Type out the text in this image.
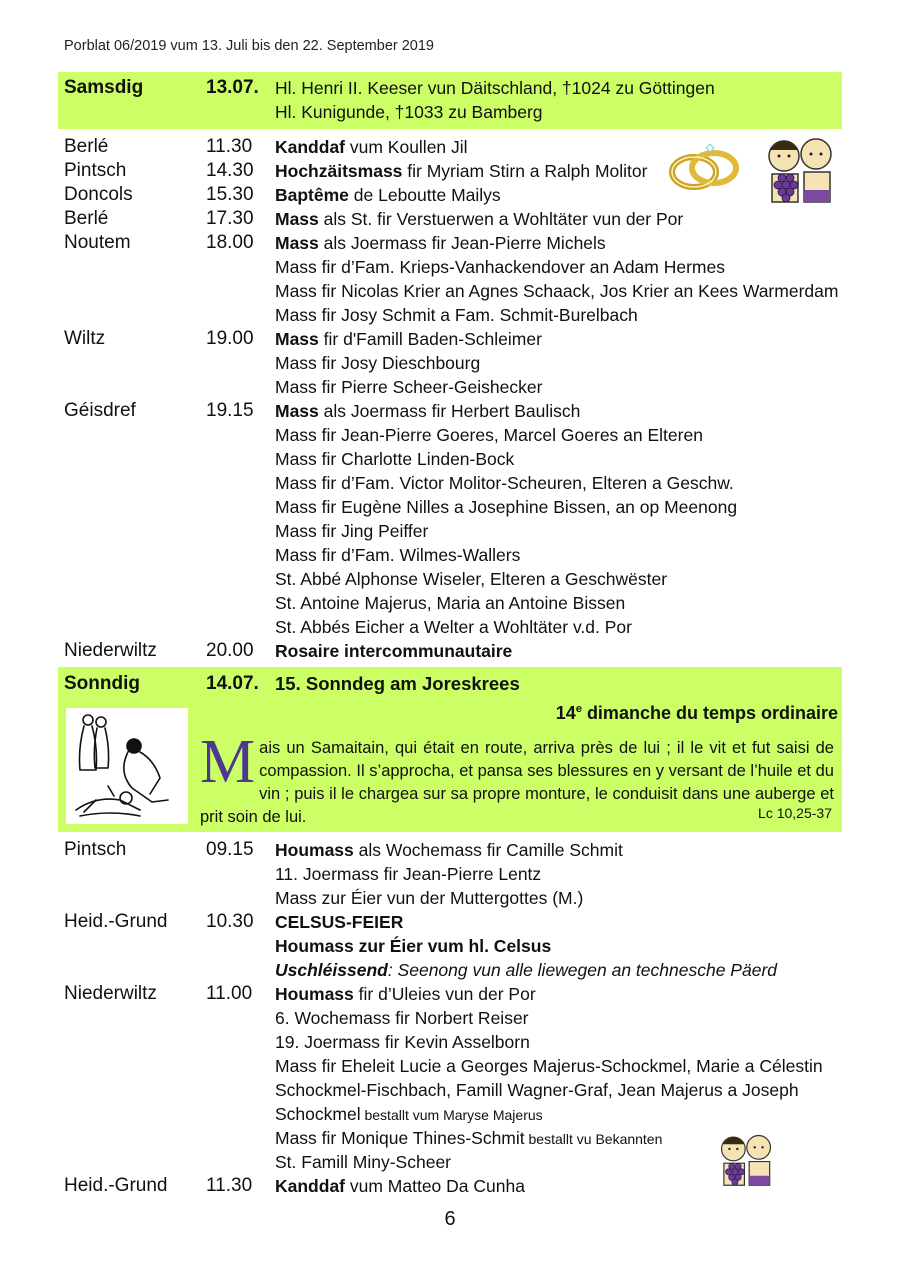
Porblat 06/2019 vum 13. Juli bis den 22. September 2019
Samsdig	13.07. Hl. Henri II. Keeser vun Däitschland, †1024 zu Göttingen
Hl. Kunigunde, †1033 zu Bamberg
Berlé	11.30 Kanddaf vum Koullen Jil
Pintsch	14.30 Hochzäitsmass fir Myriam Stirn a Ralph Molitor
Doncols	15.30 Baptême de Leboutte Mailys
Berlé	17.30 Mass als St. fir Verstuerwen a Wohltäter vun der Por
Noutem	18.00 Mass als Joermass fir Jean-Pierre Michels
Mass fir d’Fam. Krieps-Vanhackendover an Adam Hermes
Mass fir Nicolas Krier an Agnes Schaack, Jos Krier an Kees Warmerdam
Mass fir Josy Schmit a Fam. Schmit-Burelbach
Wiltz	19.00 Mass fir d'Famill Baden-Schleimer
Mass fir Josy Dieschbourg
Mass fir Pierre Scheer-Geishecker
Géisdref	19.15 Mass als Joermass fir Herbert Baulisch
Mass fir Jean-Pierre Goeres, Marcel Goeres an Elteren
Mass fir Charlotte Linden-Bock
Mass fir d’Fam. Victor Molitor-Scheuren, Elteren a Geschw.
Mass fir Eugène Nilles a Josephine Bissen, an op Meenong
Mass fir Jing Peiffer
Mass fir d’Fam. Wilmes-Wallers
St. Abbé Alphonse Wiseler, Elteren a Geschwëster
St. Antoine Majerus, Maria an Antoine Bissen
St. Abbés Eicher a Welter a Wohltäter v.d. Por
Niederwiltz	20.00 Rosaire intercommunautaire
Sonndig	14.07. 15. Sonndeg am Joreskrees
14e dimanche du temps ordinaire
Mais un Samaitain, qui était en route, arriva près de lui ; il le vit et fut saisi de compassion. Il s’approcha, et pansa ses blessures en y versant de l’huile et du vin ; puis il le chargea sur sa propre monture, le conduisit dans une auberge et prit soin de lui.	Lc 10,25-37
Pintsch	09.15 Houmass als Wochemass fir Camille Schmit
11. Joermass fir Jean-Pierre Lentz
Mass zur Éier vun der Muttergottes (M.)
Heid.-Grund 10.30 CELSUS-FEIER
Houmass zur Éier vum hl. Celsus
Uschléissend: Seenong vun alle liewegen an technesche Päerd
Niederwiltz	11.00 Houmass fir d’Uleies vun der Por
6. Wochemass fir Norbert Reiser
19. Joermass fir Kevin Asselborn
Mass fir Eheleit Lucie a Georges Majerus-Schockmel, Marie a Célestin
Schockmel-Fischbach, Famill Wagner-Graf, Jean Majerus a Joseph
Schockmel bestallt vum Maryse Majerus
Mass fir Monique Thines-Schmit bestallt vu Bekannten
St. Famill Miny-Scheer
Heid.-Grund 11.30 Kanddaf vum Matteo Da Cunha
6
